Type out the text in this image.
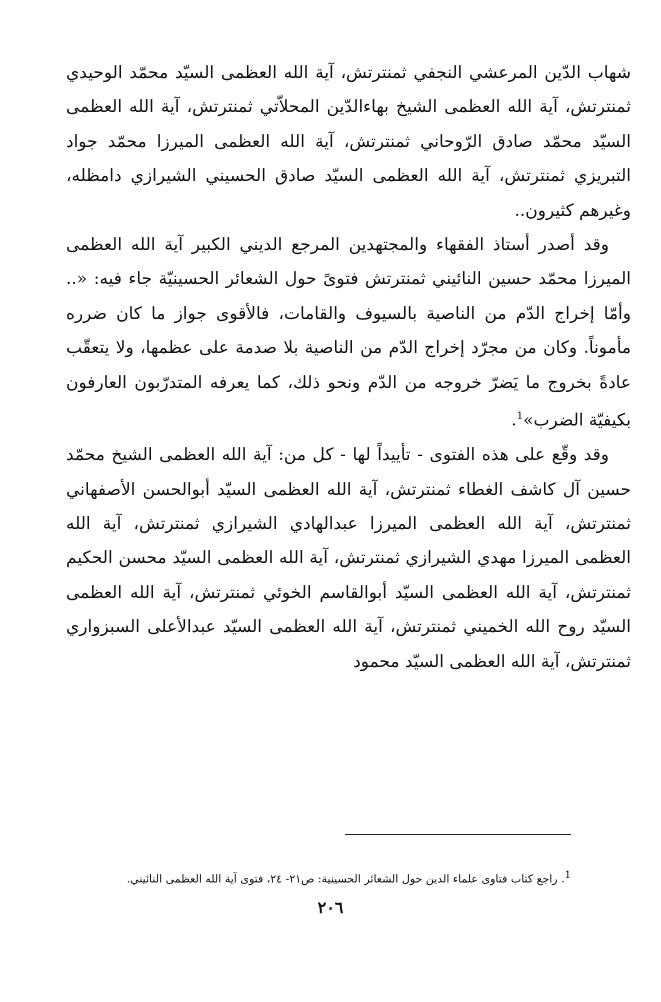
شهاب الدّين المرعشي النجفي ثمنترتش، آية الله العظمى السيّد محمّد الوحيدي ثمنترتش، آية الله العظمى الشيخ بهاءالدّين المحلاّتي ثمنترتش، آية الله العظمى السيّد محمّد صادق الرّوحاني ثمنترتش، آية الله العظمى الميرزا محمّد جواد التبريزي ثمنترتش، آية الله العظمى السيّد صادق الحسيني الشيرازي دامظله، وغيرهم كثيرون..

وقد أصدر أستاذ الفقهاء والمجتهدين المرجع الديني الكبير آية الله العظمى الميرزا محمّد حسين النائيني ثمنترتش فتوىً حول الشعائر الحسينيّة جاء فيه: «.. وأمّا إخراج الدّم من الناصية بالسيوف والقامات، فالأقوى جواز ما كان ضرره مأموناً. وكان من مجرّد إخراج الدّم من الناصية بلا صدمة على عظمها، ولا يتعقّب عادةً بخروج ما يَضرّ خروجه من الدّم ونحو ذلك، كما يعرفه المتدرّبون العارفون بكيفيّة الضرب»$^1$.

وقد وقّع على هذه الفتوى - تأييداً لها - كل من: آية الله العظمى الشيخ محمّد حسين آل كاشف الغطاء ثمنترتش، آية الله العظمى السيّد أبوالحسن الأصفهاني ثمنترتش، آية الله العظمى الميرزا عبدالهادي الشيرازي ثمنترتش، آية الله العظمى الميرزا مهدي الشيرازي ثمنترتش، آية الله العظمى السيّد محسن الحكيم ثمنترتش، آية الله العظمى السيّد أبوالقاسم الخوئي ثمنترتش، آية الله العظمى السيّد روح الله الخميني ثمنترتش، آية الله العظمى السيّد عبدالأعلى السبزواري ثمنترتش، آية الله العظمى السيّد محمود

$^1$. راجع كتاب فتاوى علماء الدين حول الشعائر الحسينية: ص٢١- ٢٤، فتوى آية الله العظمى النائيني.
٢٠٦
